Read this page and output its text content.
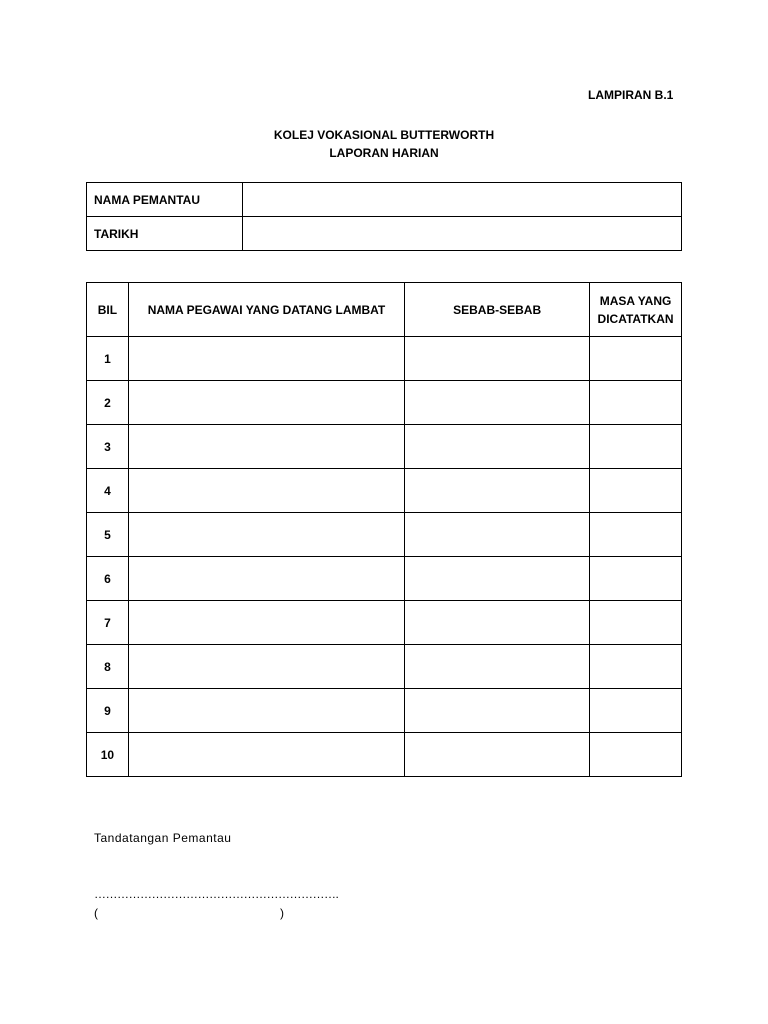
LAMPIRAN B.1
KOLEJ VOKASIONAL BUTTERWORTH
LAPORAN HARIAN
NAMA PEMANTAU	
TARIKH	
BIL	NAMA PEGAWAI YANG DATANG LAMBAT	SEBAB-SEBAB	MASA YANG DICATATKAN
1			
2			
3			
4			
5			
6			
7			
8			
9			
10			
Tandatangan Pemantau
……………………………………………………….
(	)
